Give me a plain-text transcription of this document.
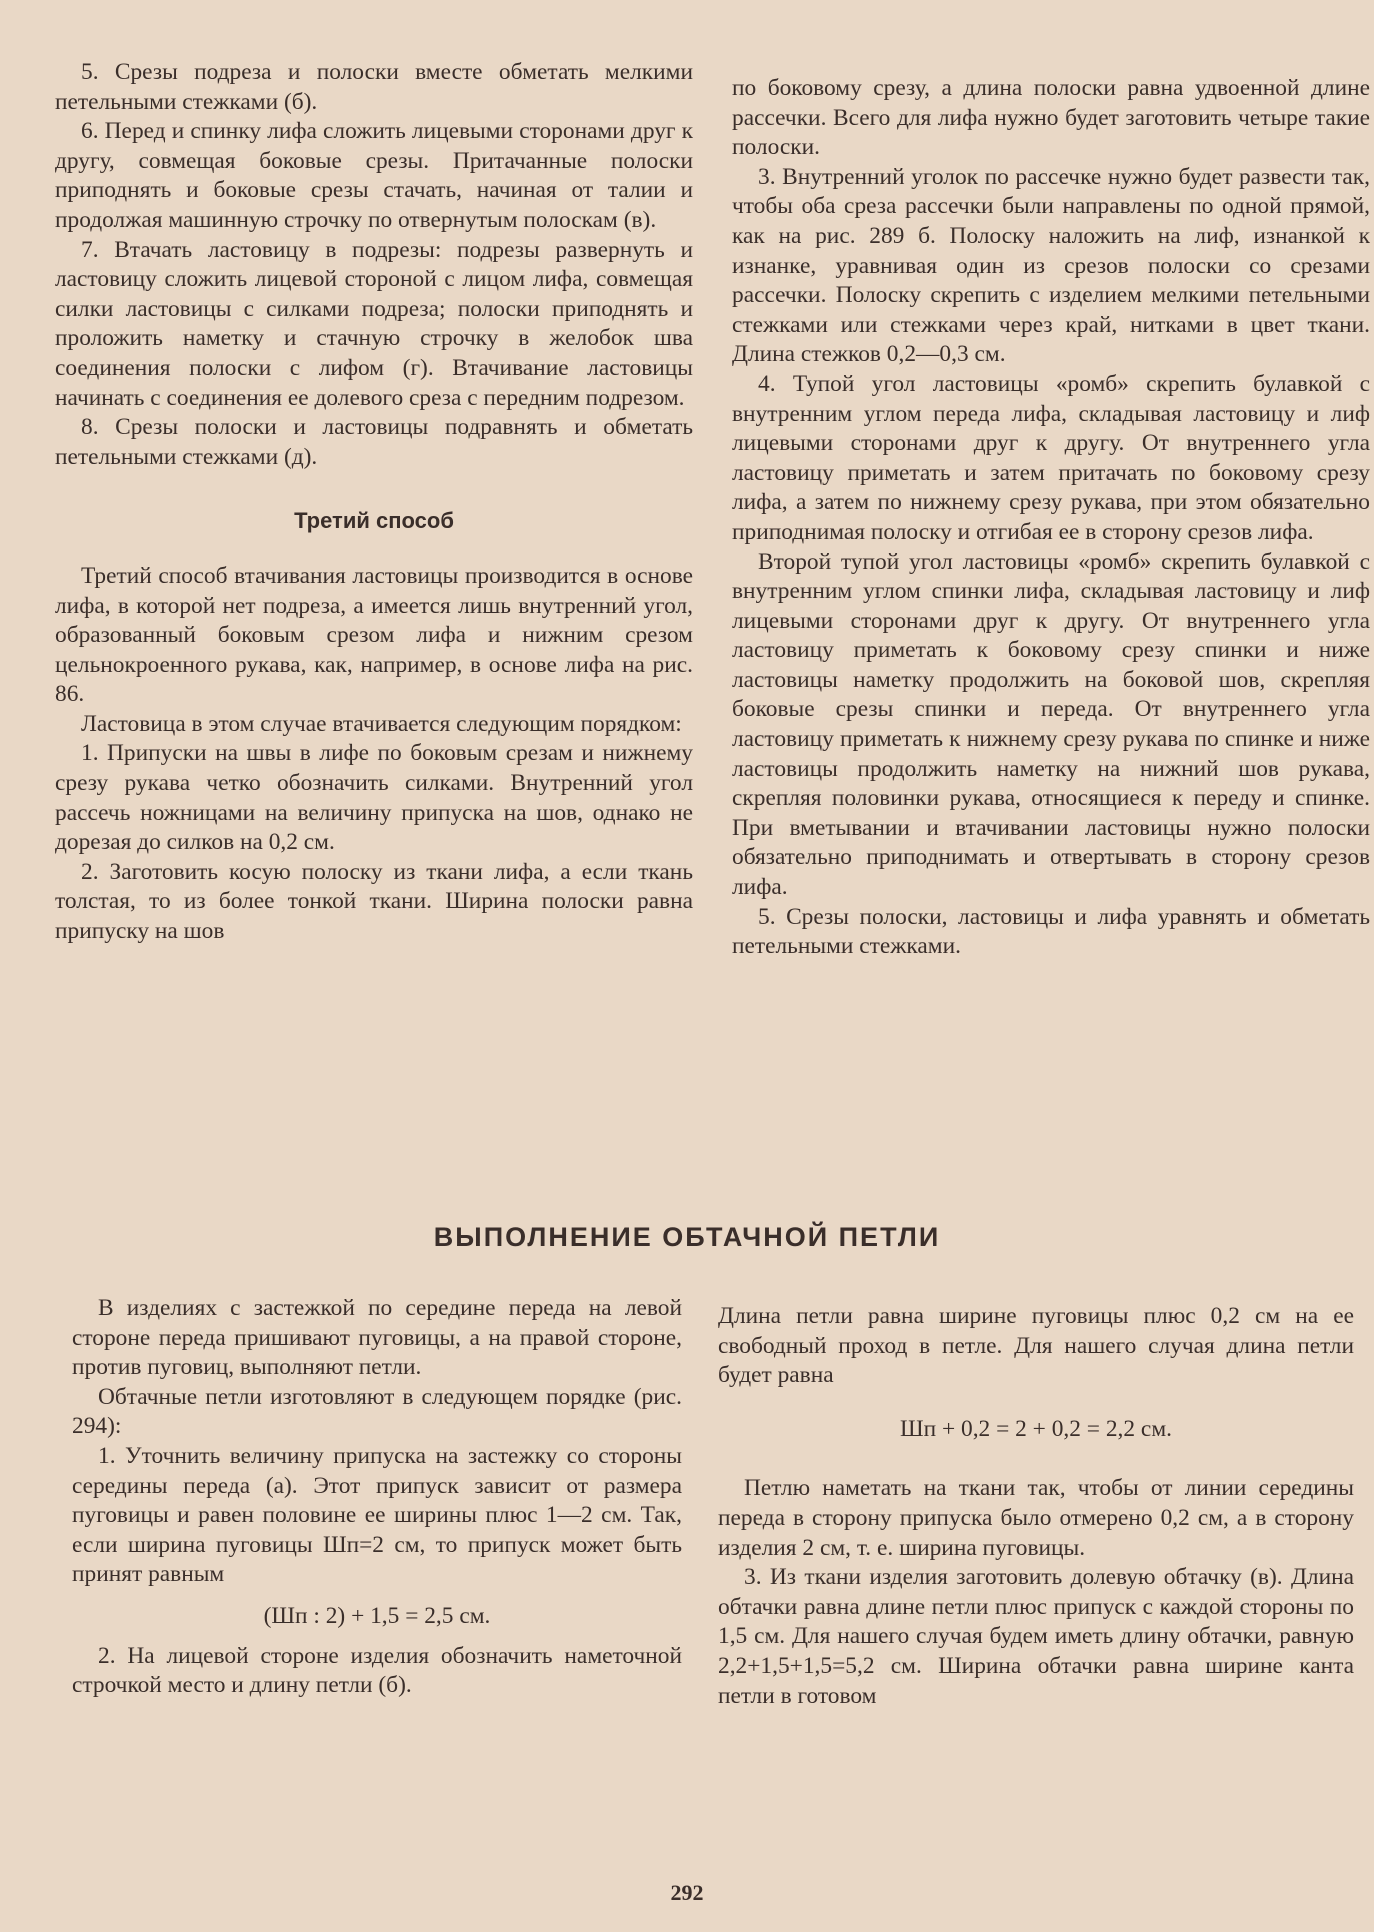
5. Срезы подреза и полоски вместе обметать мелкими петельными стежками (б).

6. Перед и спинку лифа сложить лицевыми сторонами друг к другу, совмещая боковые срезы. Притачанные полоски приподнять и боковые срезы стачать, начиная от талии и продолжая машинную строчку по отвернутым полоскам (в).

7. Втачать ластовицу в подрезы: подрезы развернуть и ластовицу сложить лицевой стороной с лицом лифа, совмещая силки ластовицы с силками подреза; полоски приподнять и проложить наметку и стачную строчку в желобок шва соединения полоски с лифом (г). Втачивание ластовицы начинать с соединения ее долевого среза с передним подрезом.

8. Срезы полоски и ластовицы подравнять и обметать петельными стежками (д).

Третий способ

Третий способ втачивания ластовицы производится в основе лифа, в которой нет подреза, а имеется лишь внутренний угол, образованный боковым срезом лифа и нижним срезом цельнокроенного рукава, как, например, в основе лифа на рис. 86.

Ластовица в этом случае втачивается следующим порядком:

1. Припуски на швы в лифе по боковым срезам и нижнему срезу рукава четко обозначить силками. Внутренний угол рассечь ножницами на величину припуска на шов, однако не дорезая до силков на 0,2 см.

2. Заготовить косую полоску из ткани лифа, а если ткань толстая, то из более тонкой ткани. Ширина полоски равна припуску на шов

по боковому срезу, а длина полоски равна удвоенной длине рассечки. Всего для лифа нужно будет заготовить четыре такие полоски.

3. Внутренний уголок по рассечке нужно будет развести так, чтобы оба среза рассечки были направлены по одной прямой, как на рис. 289 б. Полоску наложить на лиф, изнанкой к изнанке, уравнивая один из срезов полоски со срезами рассечки. Полоску скрепить с изделием мелкими петельными стежками или стежками через край, нитками в цвет ткани. Длина стежков 0,2—0,3 см.

4. Тупой угол ластовицы «ромб» скрепить булавкой с внутренним углом переда лифа, складывая ластовицу и лиф лицевыми сторонами друг к другу. От внутреннего угла ластовицу приметать и затем притачать по боковому срезу лифа, а затем по нижнему срезу рукава, при этом обязательно приподнимая полоску и отгибая ее в сторону срезов лифа.

Второй тупой угол ластовицы «ромб» скрепить булавкой с внутренним углом спинки лифа, складывая ластовицу и лиф лицевыми сторонами друг к другу. От внутреннего угла ластовицу приметать к боковому срезу спинки и ниже ластовицы наметку продолжить на боковой шов, скрепляя боковые срезы спинки и переда. От внутреннего угла ластовицу приметать к нижнему срезу рукава по спинке и ниже ластовицы продолжить наметку на нижний шов рукава, скрепляя половинки рукава, относящиеся к переду и спинке. При вметывании и втачивании ластовицы нужно полоски обязательно приподнимать и отвертывать в сторону срезов лифа.

5. Срезы полоски, ластовицы и лифа уравнять и обметать петельными стежками.

ВЫПОЛНЕНИЕ ОБТАЧНОЙ ПЕТЛИ

В изделиях с застежкой по середине переда на левой стороне переда пришивают пуговицы, а на правой стороне, против пуговиц, выполняют петли.

Обтачные петли изготовляют в следующем порядке (рис. 294):

1. Уточнить величину припуска на застежку со стороны середины переда (а). Этот припуск зависит от размера пуговицы и равен половине ее ширины плюс 1—2 см. Так, если ширина пуговицы Шп=2 см, то припуск может быть принят равным

(Шп : 2) + 1,5 = 2,5 см.

2. На лицевой стороне изделия обозначить наметочной строчкой место и длину петли (б).

Длина петли равна ширине пуговицы плюс 0,2 см на ее свободный проход в петле. Для нашего случая длина петли будет равна

Шп + 0,2 = 2 + 0,2 = 2,2 см.

Петлю наметать на ткани так, чтобы от линии середины переда в сторону припуска было отмерено 0,2 см, а в сторону изделия 2 см, т. е. ширина пуговицы.

3. Из ткани изделия заготовить долевую обтачку (в). Длина обтачки равна длине петли плюс припуск с каждой стороны по 1,5 см. Для нашего случая будем иметь длину обтачки, равную 2,2+1,5+1,5=5,2 см. Ширина обтачки равна ширине канта петли в готовом

292
